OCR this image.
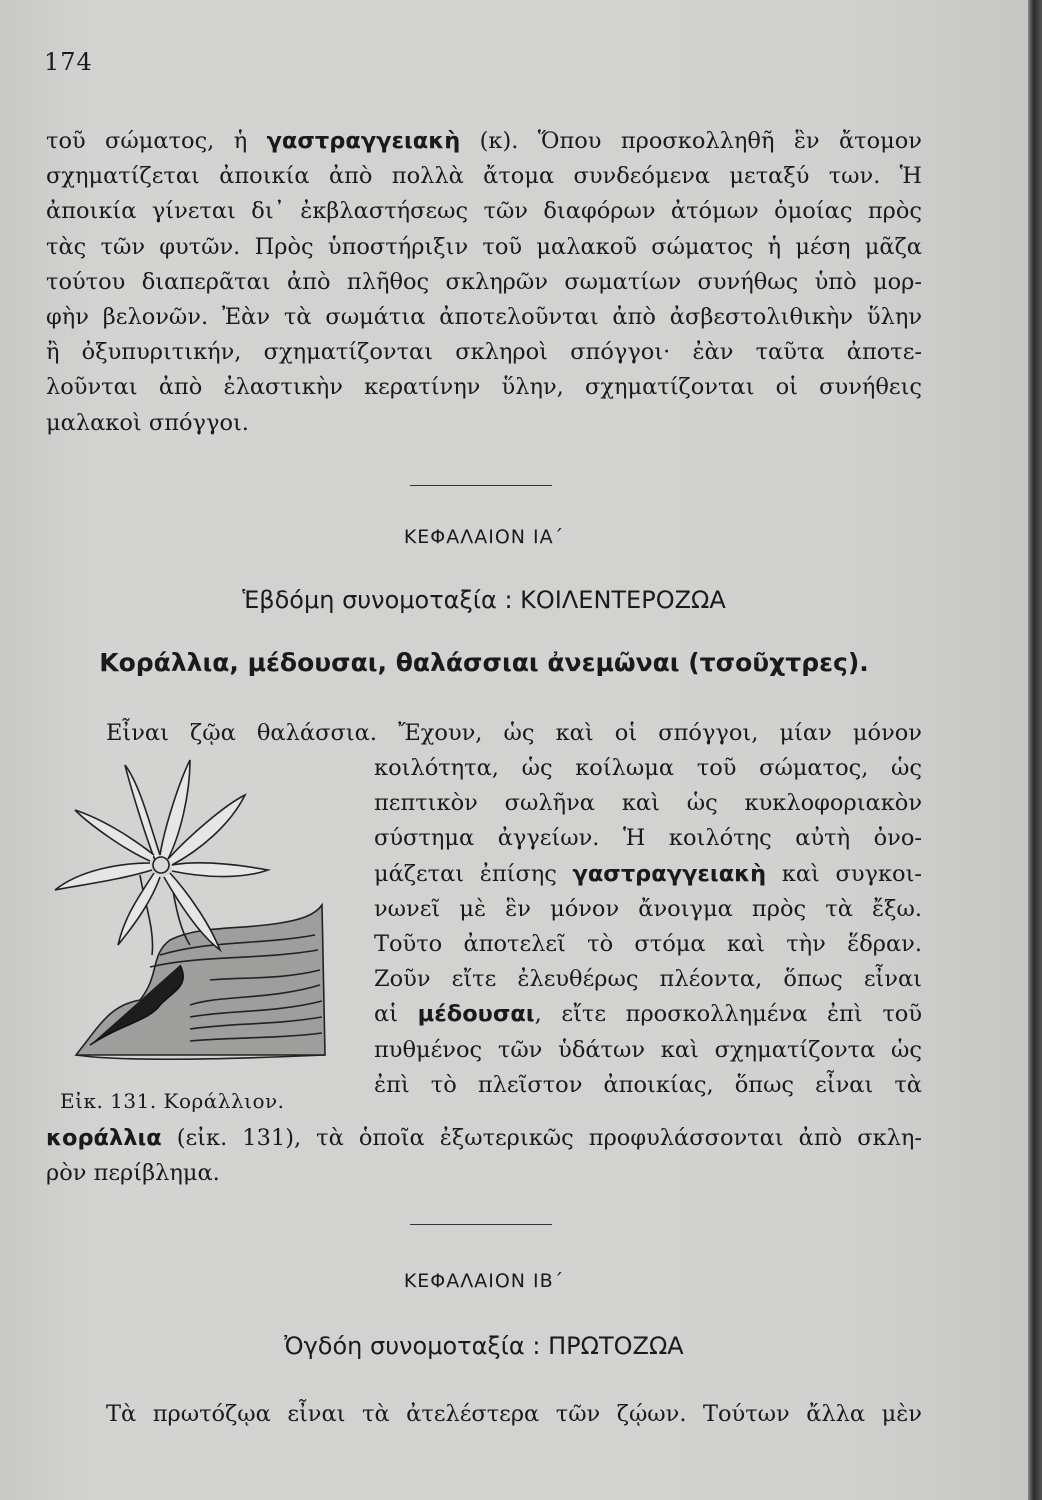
174
τοῦ σώματος, ἡ γαστραγγειακὴ (κ). Ὅπου προσκολληθῆ ἓν ἄτομον
σχηματίζεται ἀποικία ἀπὸ πολλὰ ἄτομα συνδεόμενα μεταξύ των. Ἡ
ἀποικία γίνεται δι᾽ ἐκβλαστήσεως τῶν διαφόρων ἀτόμων ὁμοίας πρὸς
τὰς τῶν φυτῶν. Πρὸς ὑποστήριξιν τοῦ μαλακοῦ σώματος ἡ μέση μᾶζα
τούτου διαπερᾶται ἀπὸ πλῆθος σκληρῶν σωματίων συνήθως ὑπὸ μορ-
φὴν βελονῶν. Ἐὰν τὰ σωμάτια ἀποτελοῦνται ἀπὸ ἀσβεστολιθικὴν ὕλην
ἢ ὀξυπυριτικήν, σχηματίζονται σκληροὶ σπόγγοι· ἐὰν ταῦτα ἀποτε-
λοῦνται ἀπὸ ἐλαστικὴν κερατίνην ὕλην, σχηματίζονται οἱ συνήθεις
μαλακοὶ σπόγγοι.
ΚΕΦΑΛΑΙΟΝ ΙΑ΄
Ἑβδόμη συνομοταξία : ΚΟΙΛΕΝΤΕΡΟΖΩΑ
Κοράλλια, μέδουσαι, θαλάσσιαι ἀνεμῶναι (τσοῦχτρες).
Εἶναι ζῷα θαλάσσια. Ἔχουν, ὡς καὶ οἱ σπόγγοι, μίαν μόνον
κοιλότητα, ὡς κοίλωμα τοῦ σώματος, ὡς
πεπτικὸν σωλῆνα καὶ ὡς κυκλοφοριακὸν
σύστημα ἀγγείων. Ἡ κοιλότης αὐτὴ ὀνο-
μάζεται ἐπίσης γαστραγγειακὴ καὶ συγκοι-
νωνεῖ μὲ ἓν μόνον ἄνοιγμα πρὸς τὰ ἔξω.
Τοῦτο ἀποτελεῖ τὸ στόμα καὶ τὴν ἕδραν.
Ζοῦν εἴτε ἐλευθέρως πλέοντα, ὅπως εἶναι
αἱ μέδουσαι, εἴτε προσκολλημένα ἐπὶ τοῦ
πυθμένος τῶν ὑδάτων καὶ σχηματίζοντα ὡς
ἐπὶ τὸ πλεῖστον ἀποικίας, ὅπως εἶναι τὰ
Εἰκ. 131. Κοράλλιον.
κοράλλια (εἰκ. 131), τὰ ὁποῖα ἐξωτερικῶς προφυλάσσονται ἀπὸ σκλη-
ρὸν περίβλημα.
ΚΕΦΑΛΑΙΟΝ ΙΒ΄
Ὀγδόη συνομοταξία : ΠΡΩΤΟΖΩΑ
Τὰ πρωτόζῳα εἶναι τὰ ἀτελέστερα τῶν ζῴων. Τούτων ἄλλα μὲν
